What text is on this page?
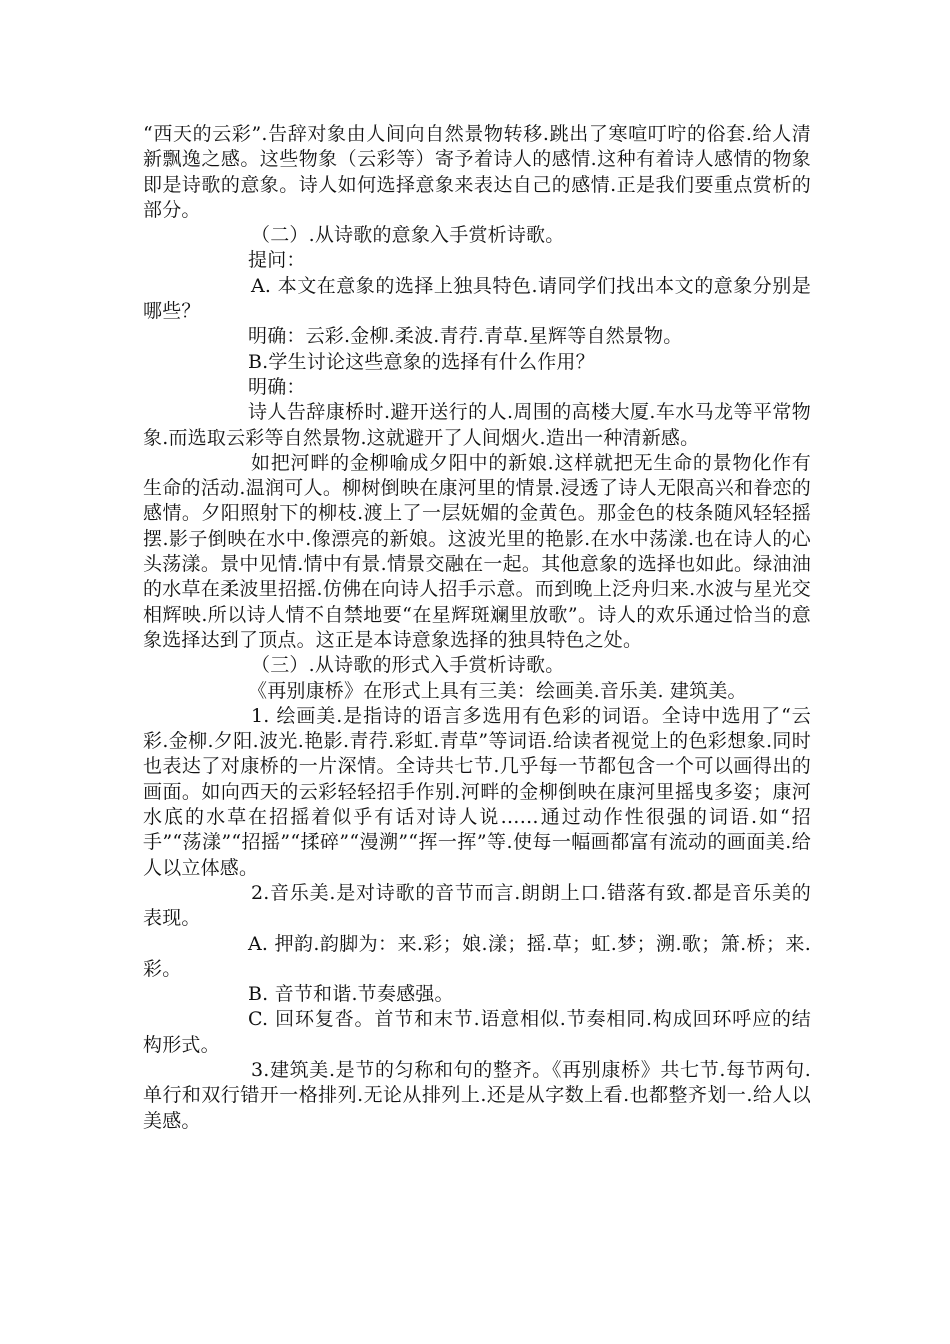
“西天的云彩”.告辞对象由人间向自然景物转移.跳出了寒喧叮咛的俗套.给人清新飘逸之感。这些物象（云彩等）寄予着诗人的感情.这种有着诗人感情的物象即是诗歌的意象。诗人如何选择意象来表达自己的感情.正是我们要重点赏析的部分。

（二）.从诗歌的意象入手赏析诗歌。

提问：

A. 本文在意象的选择上独具特色.请同学们找出本文的意象分别是哪些？

明确：云彩.金柳.柔波.青荇.青草.星辉等自然景物。

B.学生讨论这些意象的选择有什么作用？

明确：

诗人告辞康桥时.避开送行的人.周围的高楼大厦.车水马龙等平常物象.而选取云彩等自然景物.这就避开了人间烟火.造出一种清新感。

如把河畔的金柳喻成夕阳中的新娘.这样就把无生命的景物化作有生命的活动.温润可人。柳树倒映在康河里的情景.浸透了诗人无限高兴和眷恋的感情。夕阳照射下的柳枝.渡上了一层妩媚的金黄色。那金色的枝条随风轻轻摇摆.影子倒映在水中.像漂亮的新娘。这波光里的艳影.在水中荡漾.也在诗人的心头荡漾。景中见情.情中有景.情景交融在一起。其他意象的选择也如此。绿油油的水草在柔波里招摇.仿佛在向诗人招手示意。而到晚上泛舟归来.水波与星光交相辉映.所以诗人情不自禁地要“在星辉斑斓里放歌”。诗人的欢乐通过恰当的意象选择达到了顶点。这正是本诗意象选择的独具特色之处。

（三）.从诗歌的形式入手赏析诗歌。

《再别康桥》在形式上具有三美：绘画美.音乐美. 建筑美。

1. 绘画美.是指诗的语言多选用有色彩的词语。全诗中选用了“云彩.金柳.夕阳.波光.艳影.青荇.彩虹.青草”等词语.给读者视觉上的色彩想象.同时也表达了对康桥的一片深情。全诗共七节.几乎每一节都包含一个可以画得出的画面。如向西天的云彩轻轻招手作别.河畔的金柳倒映在康河里摇曳多姿；康河水底的水草在招摇着似乎有话对诗人说……通过动作性很强的词语.如“招手”“荡漾”“招摇”“揉碎”“漫溯”“挥一挥”等.使每一幅画都富有流动的画面美.给人以立体感。

2.音乐美.是对诗歌的音节而言.朗朗上口.错落有致.都是音乐美的表现。

A. 押韵.韵脚为：来.彩；娘.漾；摇.草；虹.梦；溯.歌；箫.桥；来.彩。

B. 音节和谐.节奏感强。

C. 回环复沓。首节和末节.语意相似.节奏相同.构成回环呼应的结构形式。

3.建筑美.是节的匀称和句的整齐。《再别康桥》共七节.每节两句.单行和双行错开一格排列.无论从排列上.还是从字数上看.也都整齐划一.给人以美感。
